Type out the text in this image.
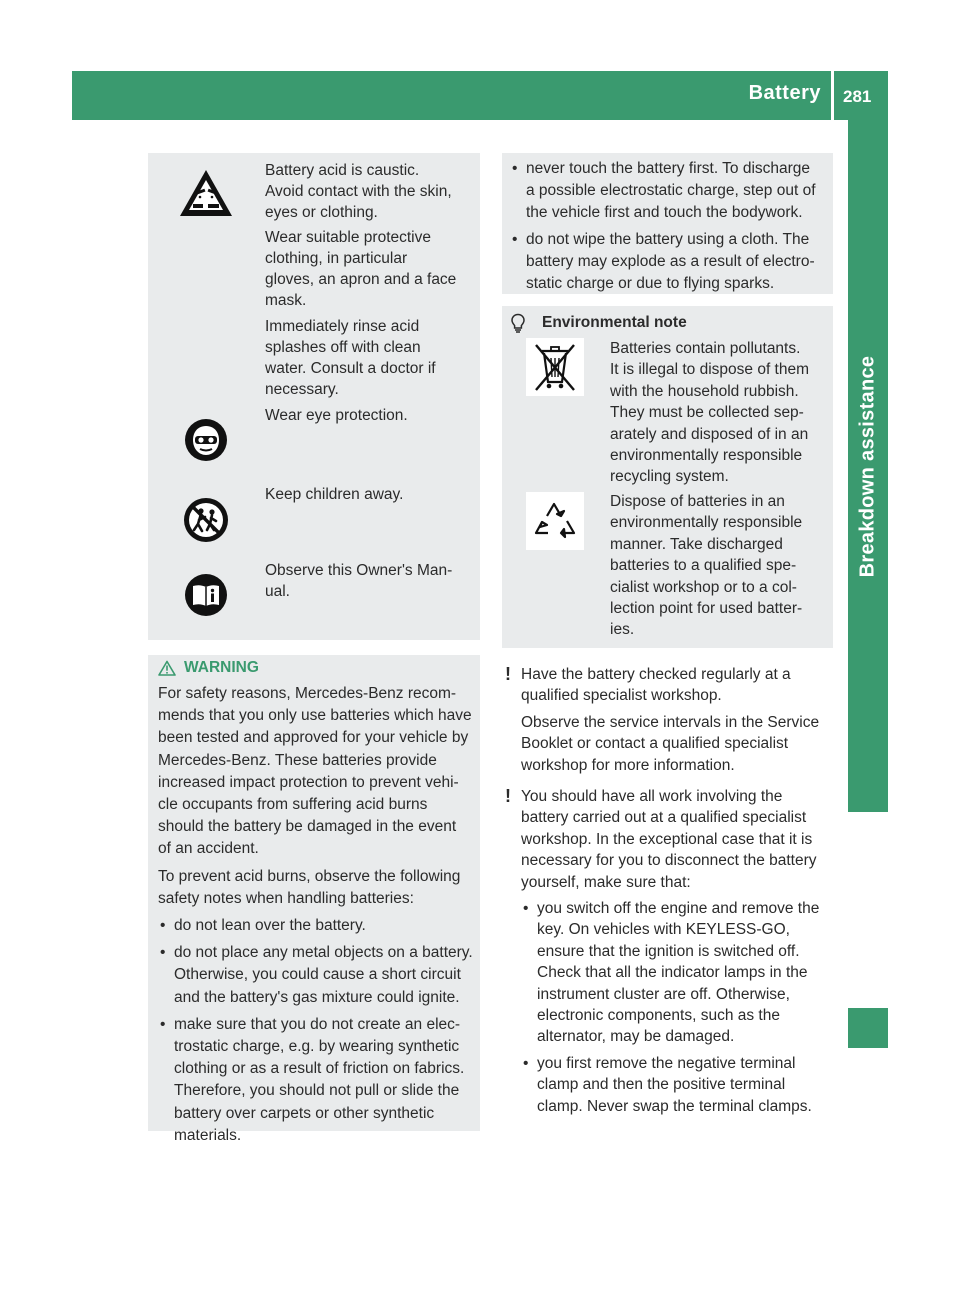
Battery 281
Breakdown assistance
Battery acid is caustic.
Avoid contact with the skin,
eyes or clothing.
Wear suitable protective
clothing, in particular
gloves, an apron and a face
mask.
Immediately rinse acid
splashes off with clean
water. Consult a doctor if
necessary.
Wear eye protection.
Keep children away.
Observe this Owner's Man-
ual.
WARNING

For safety reasons, Mercedes-Benz recom-
mends that you only use batteries which have
been tested and approved for your vehicle by
Mercedes-Benz. These batteries provide
increased impact protection to prevent vehi-
cle occupants from suffering acid burns
should the battery be damaged in the event
of an accident.

To prevent acid burns, observe the following
safety notes when handling batteries:

• do not lean over the battery.
• do not place any metal objects on a battery.
Otherwise, you could cause a short circuit
and the battery's gas mixture could ignite.
• make sure that you do not create an elec-
trostatic charge, e.g. by wearing synthetic
clothing or as a result of friction on fabrics.
Therefore, you should not pull or slide the
battery over carpets or other synthetic
materials.
• never touch the battery first. To discharge
a possible electrostatic charge, step out of
the vehicle first and touch the bodywork.
• do not wipe the battery using a cloth. The
battery may explode as a result of electro-
static charge or due to flying sparks.
Environmental note
Batteries contain pollutants.
It is illegal to dispose of them
with the household rubbish.
They must be collected sep-
arately and disposed of in an
environmentally responsible
recycling system.
Dispose of batteries in an
environmentally responsible
manner. Take discharged
batteries to a qualified spe-
cialist workshop or to a col-
lection point for used batter-
ies.
! Have the battery checked regularly at a
qualified specialist workshop.

Observe the service intervals in the Service
Booklet or contact a qualified specialist
workshop for more information.

! You should have all work involving the
battery carried out at a qualified specialist
workshop. In the exceptional case that it is
necessary for you to disconnect the battery
yourself, make sure that:

• you switch off the engine and remove the
key. On vehicles with KEYLESS-GO,
ensure that the ignition is switched off.
Check that all the indicator lamps in the
instrument cluster are off. Otherwise,
electronic components, such as the
alternator, may be damaged.
• you first remove the negative terminal
clamp and then the positive terminal
clamp. Never swap the terminal clamps.
